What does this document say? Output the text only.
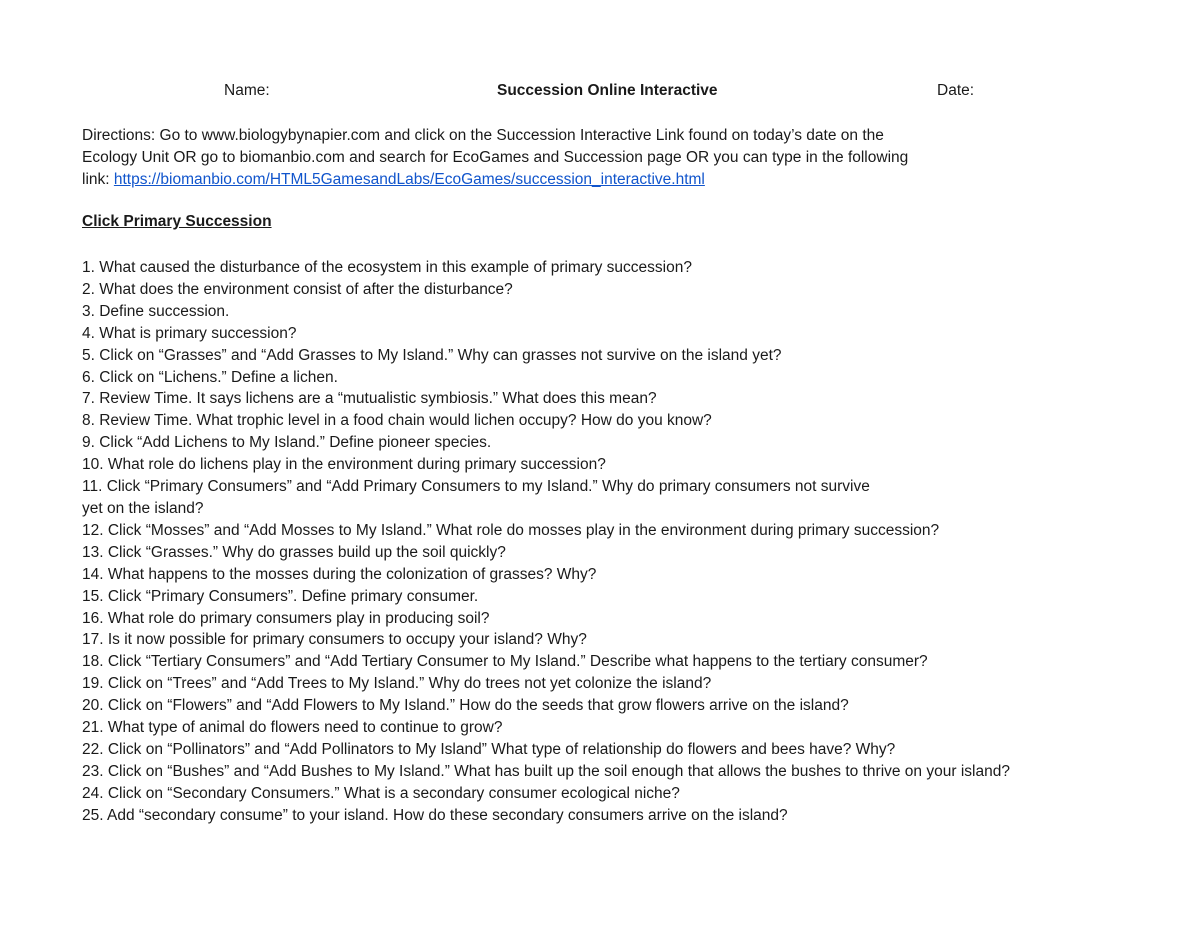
Name:	Succession Online Interactive	Date:
Directions: Go to www.biologybynapier.com and click on the Succession Interactive Link found on today’s date on the
Ecology Unit OR go to biomanbio.com and search for EcoGames and Succession page OR you can type in the following
link: https://biomanbio.com/HTML5GamesandLabs/EcoGames/succession_interactive.html
Click Primary Succession
1. What caused the disturbance of the ecosystem in this example of primary succession?
2. What does the environment consist of after the disturbance?
3. Define succession.
4. What is primary succession?
5. Click on “Grasses” and “Add Grasses to My Island.” Why can grasses not survive on the island yet?
6. Click on “Lichens.” Define a lichen.
7. Review Time. It says lichens are a “mutualistic symbiosis.” What does this mean?
8. Review Time. What trophic level in a food chain would lichen occupy? How do you know?
9. Click “Add Lichens to My Island.” Define pioneer species.
10. What role do lichens play in the environment during primary succession?
11. Click “Primary Consumers” and “Add Primary Consumers to my Island.” Why do primary consumers not survive
yet on the island?
12. Click “Mosses” and “Add Mosses to My Island.” What role do mosses play in the environment during primary succession?
13. Click “Grasses.” Why do grasses build up the soil quickly?
14. What happens to the mosses during the colonization of grasses? Why?
15. Click “Primary Consumers”. Define primary consumer.
16. What role do primary consumers play in producing soil?
17. Is it now possible for primary consumers to occupy your island? Why?
18. Click “Tertiary Consumers” and “Add Tertiary Consumer to My Island.” Describe what happens to the tertiary consumer?
19. Click on “Trees” and “Add Trees to My Island.” Why do trees not yet colonize the island?
20. Click on “Flowers” and “Add Flowers to My Island.” How do the seeds that grow flowers arrive on the island?
21. What type of animal do flowers need to continue to grow?
22. Click on “Pollinators” and “Add Pollinators to My Island” What type of relationship do flowers and bees have? Why?
23. Click on “Bushes” and “Add Bushes to My Island.” What has built up the soil enough that allows the bushes to thrive on your island?
24. Click on “Secondary Consumers.” What is a secondary consumer ecological niche?
25. Add “secondary consume” to your island. How do these secondary consumers arrive on the island?
